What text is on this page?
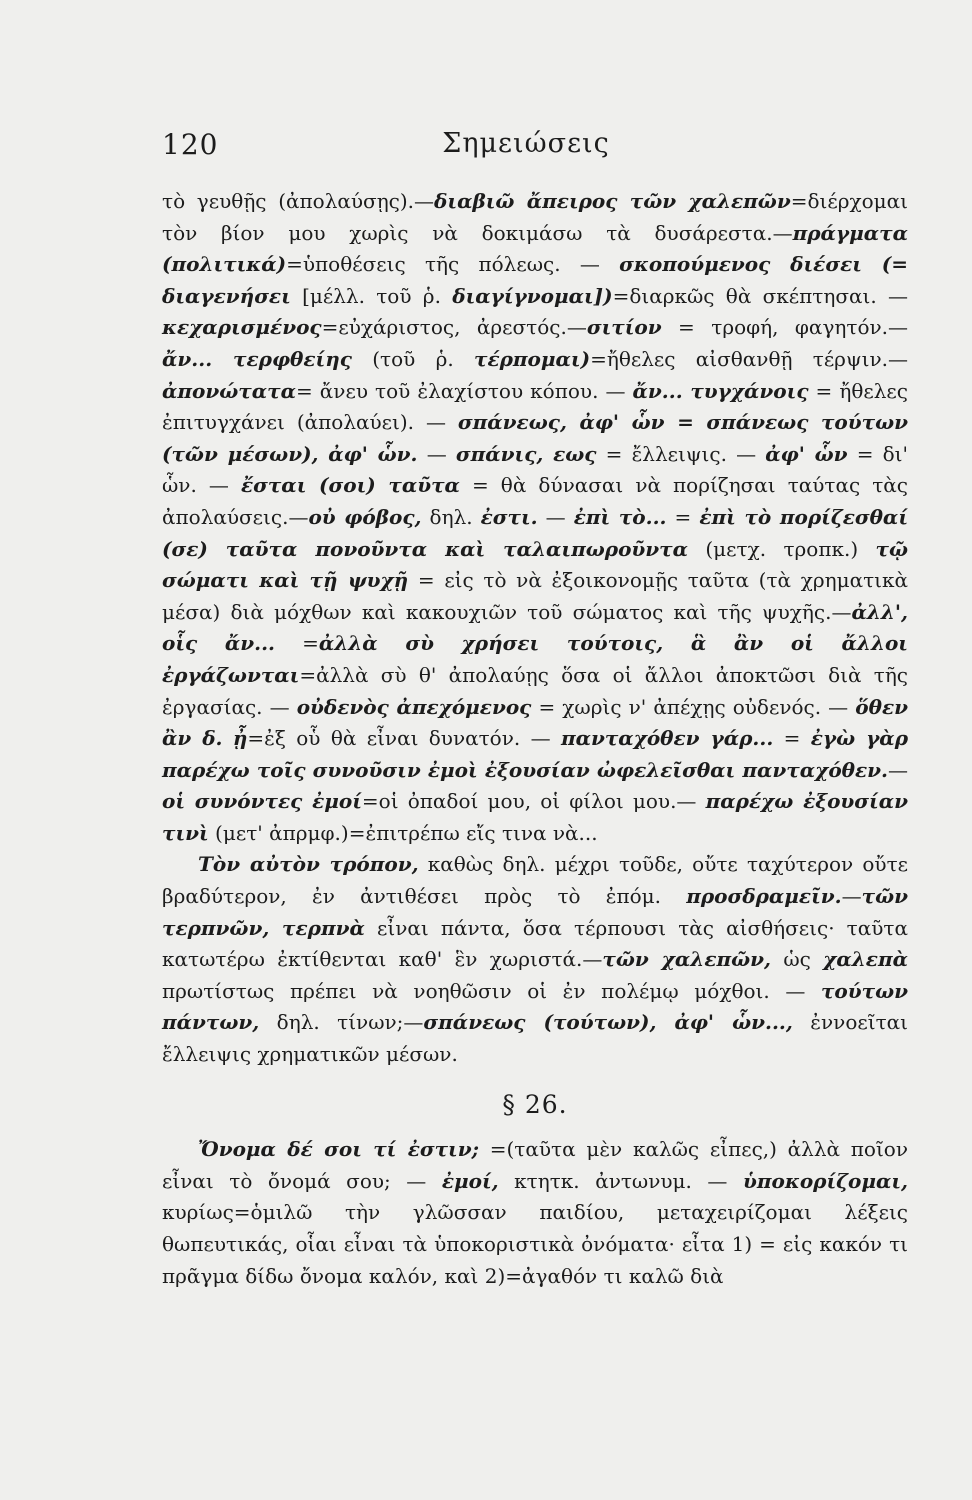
120	Σημειώσεις

τὸ γευθῇς (ἀπολαύσῃς).—διαβιῶ ἄπειρος τῶν χαλεπῶν=διέρχομαι τὸν βίον μου χωρὶς νὰ δοκιμάσω τὰ δυσάρεστα.—πράγματα (πολιτικά)=ὑποθέσεις τῆς πόλεως. — σκοπούμενος διέσει (= διαγενήσει [μέλλ. τοῦ ῥ. διαγίγνομαι])=διαρκῶς θὰ σκέπτησαι. —κεχαρισμένος=εὐχάριστος, ἀρεστός.—σιτίον = τροφή, φαγητόν.—ἄν... τερφθείης (τοῦ ῥ. τέρπομαι)=ἤθελες αἰσθανθῇ τέρψιν.—ἀπονώτατα= ἄνευ τοῦ ἐλαχίστου κόπου. — ἄν... τυγχάνοις = ἤθελες ἐπιτυγχάνει (ἀπολαύει). — σπάνεως, ἀφ' ὧν = σπάνεως τούτων (τῶν μέσων), ἀφ' ὧν. — σπάνις, εως = ἔλλειψις. — ἀφ' ὧν = δι' ὧν. — ἔσται (σοι) ταῦτα = θὰ δύνασαι νὰ πορίζησαι ταύτας τὰς ἀπολαύσεις.—οὐ φόβος, δηλ. ἐστι. — ἐπὶ τὸ... = ἐπὶ τὸ πορίζεσθαί (σε) ταῦτα πονοῦντα καὶ ταλαιπωροῦντα (μετχ. τροπκ.) τῷ σώματι καὶ τῇ ψυχῇ = εἰς τὸ νὰ ἐξοικονομῇς ταῦτα (τὰ χρηματικὰ μέσα) διὰ μόχθων καὶ κακουχιῶν τοῦ σώματος καὶ τῆς ψυχῆς.—ἀλλ', οἷς ἄν... =ἀλλὰ σὺ χρήσει τούτοις, ἃ ἂν οἱ ἄλλοι ἐργάζωνται=ἀλλὰ σὺ θ' ἀπολαύῃς ὅσα οἱ ἄλλοι ἀποκτῶσι διὰ τῆς ἐργασίας. — οὐδενὸς ἀπεχόμενος = χωρὶς ν' ἀπέχῃς οὐδενός. — ὅθεν ἂν δ. ᾖ=ἐξ οὗ θὰ εἶναι δυνατόν. — πανταχόθεν γάρ... = ἐγὼ γὰρ παρέχω τοῖς συνοῦσιν ἐμοὶ ἐξουσίαν ὠφελεῖσθαι πανταχόθεν.—οἱ συνόντες ἐμοί=οἱ ὀπαδοί μου, οἱ φίλοι μου.— παρέχω ἐξουσίαν τινὶ (μετ' ἀπρμφ.)=ἐπιτρέπω εἴς τινα νὰ...

Τὸν αὐτὸν τρόπον, καθὼς δηλ. μέχρι τοῦδε, οὔτε ταχύτερον οὔτε βραδύτερον, ἐν ἀντιθέσει πρὸς τὸ ἐπόμ. προσδραμεῖν.—τῶν τερπνῶν, τερπνὰ εἶναι πάντα, ὅσα τέρπουσι τὰς αἰσθήσεις· ταῦτα κατωτέρω ἐκτίθενται καθ' ἓν χωριστά.—τῶν χαλεπῶν, ὡς χαλεπὰ πρωτίστως πρέπει νὰ νοηθῶσιν οἱ ἐν πολέμῳ μόχθοι. — τούτων πάντων, δηλ. τίνων;—σπάνεως (τούτων), ἀφ' ὧν..., ἐννοεῖται ἔλλειψις χρηματικῶν μέσων.

§ 26.

Ὄνομα δέ σοι τί ἐστιν; =(ταῦτα μὲν καλῶς εἶπες,) ἀλλὰ ποῖον εἶναι τὸ ὄνομά σου; — ἐμοί, κτητκ. ἀντωνυμ. — ὑποκορίζομαι, κυρίως=ὁμιλῶ τὴν γλῶσσαν παιδίου, μεταχειρίζομαι λέξεις θωπευτικάς, οἷαι εἶναι τὰ ὑποκοριστικὰ ὀνόματα· εἶτα 1) = εἰς κακόν τι πρᾶγμα δίδω ὄνομα καλόν, καὶ 2)=ἀγαθόν τι καλῶ διὰ
